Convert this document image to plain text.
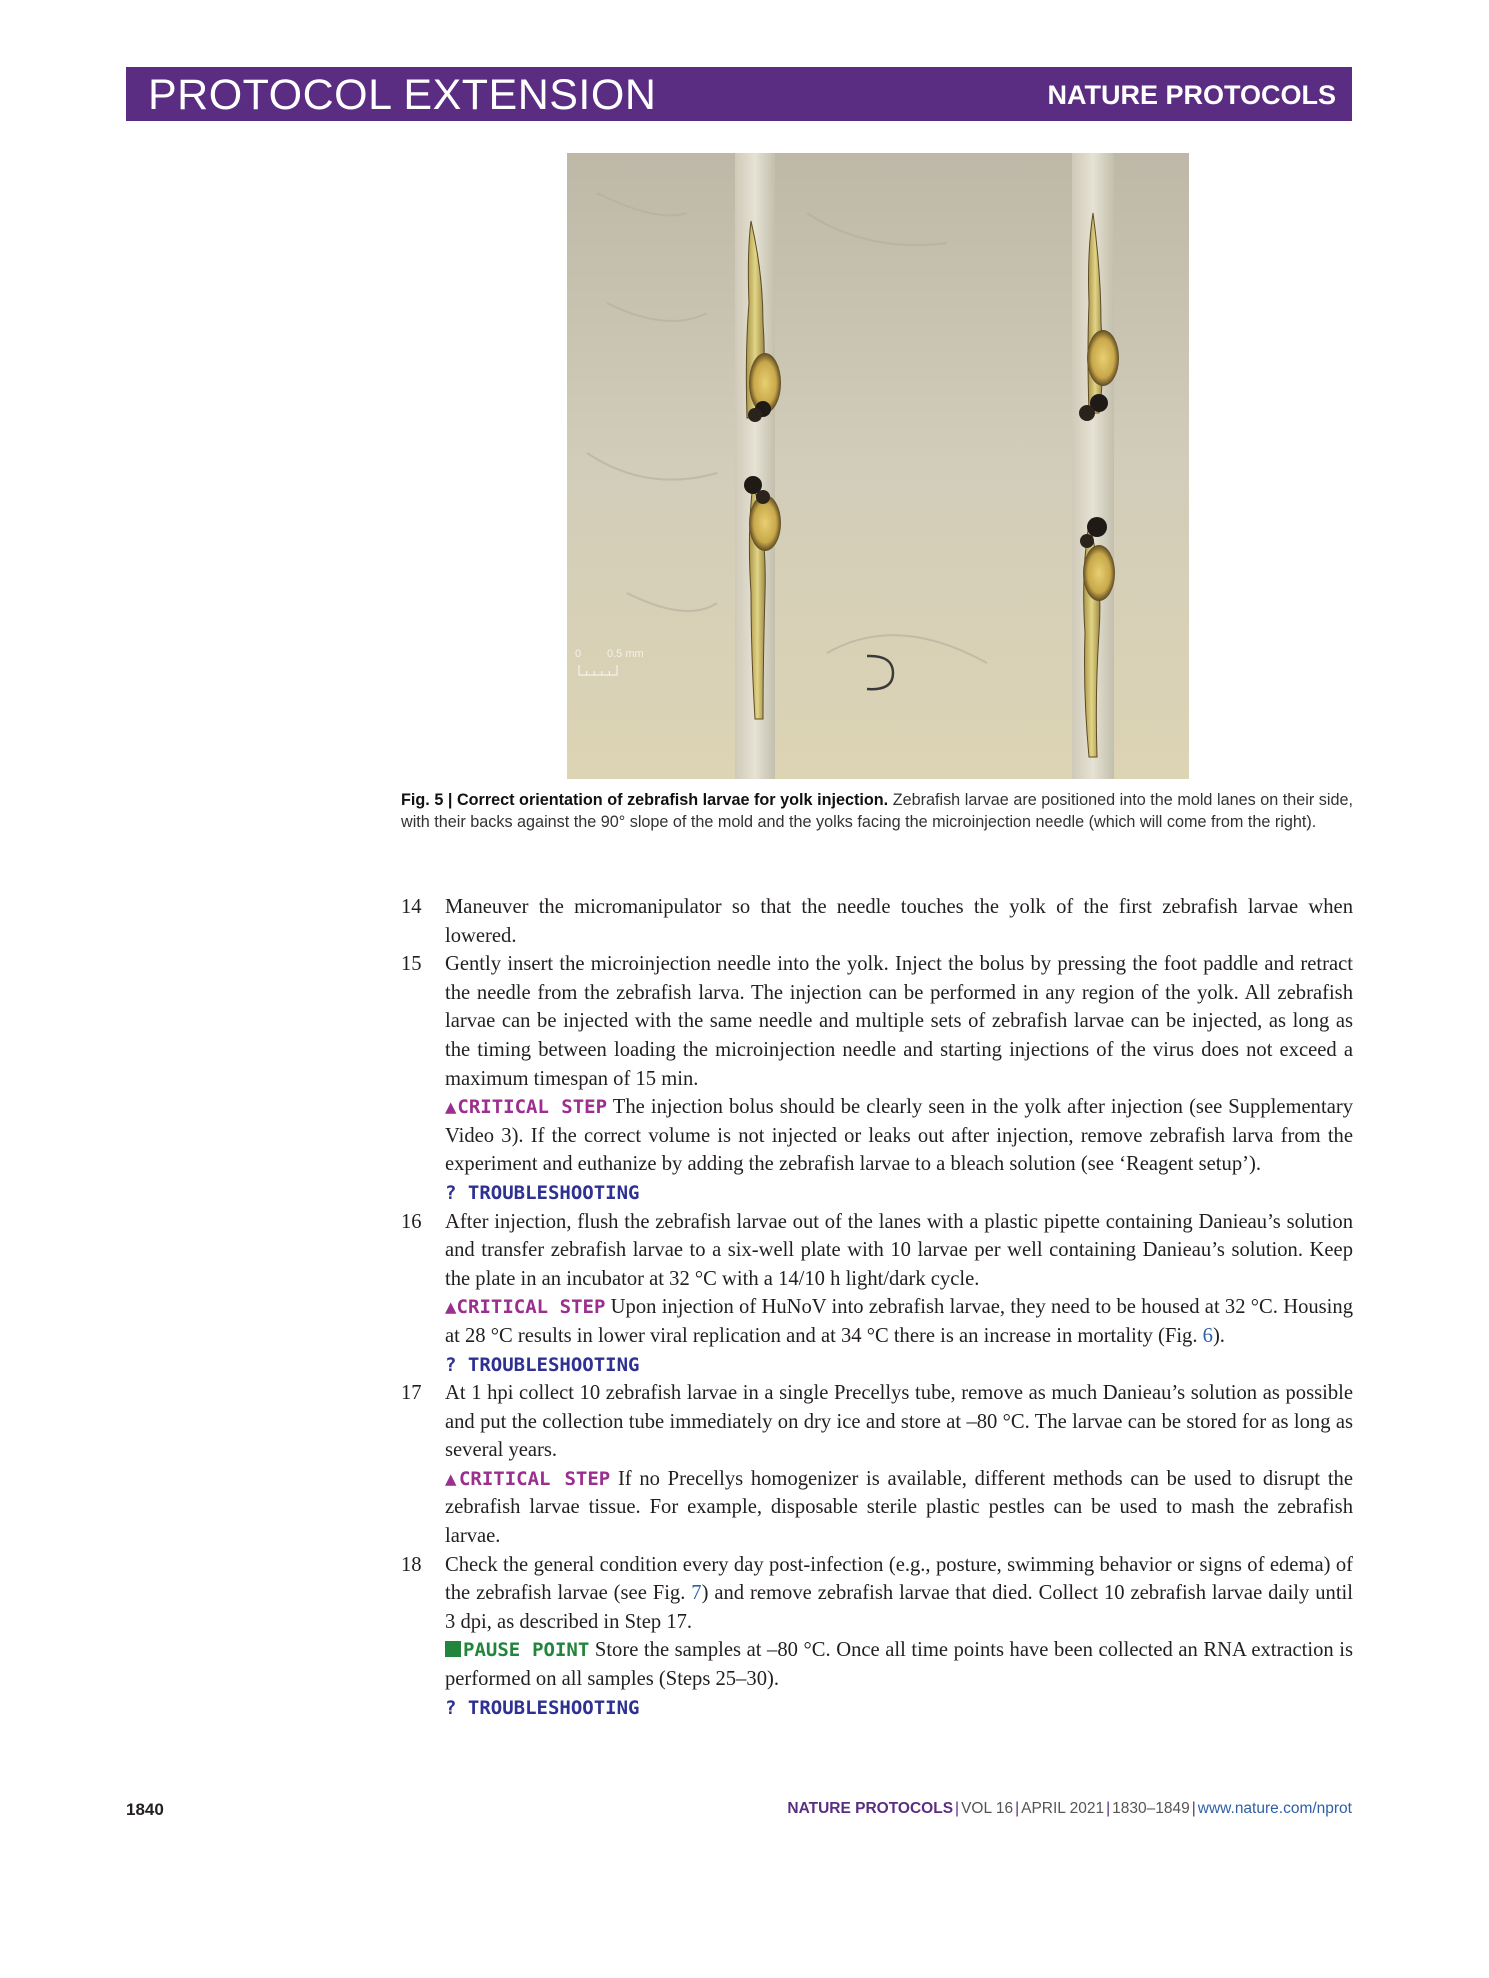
PROTOCOL EXTENSION	NATURE PROTOCOLS
0 0.5 mm
Fig. 5 | Correct orientation of zebrafish larvae for yolk injection. Zebrafish larvae are positioned into the mold lanes on their side, with their backs against the 90° slope of the mold and the yolks facing the microinjection needle (which will come from the right).
14 Maneuver the micromanipulator so that the needle touches the yolk of the first zebrafish larvae when lowered.
15 Gently insert the microinjection needle into the yolk. Inject the bolus by pressing the foot paddle and retract the needle from the zebrafish larva. The injection can be performed in any region of the yolk. All zebrafish larvae can be injected with the same needle and multiple sets of zebrafish larvae can be injected, as long as the timing between loading the microinjection needle and starting injections of the virus does not exceed a maximum timespan of 15 min.
▲CRITICAL STEP The injection bolus should be clearly seen in the yolk after injection (see Supplementary Video 3). If the correct volume is not injected or leaks out after injection, remove zebrafish larva from the experiment and euthanize by adding the zebrafish larvae to a bleach solution (see ‘Reagent setup’).
? TROUBLESHOOTING
16 After injection, flush the zebrafish larvae out of the lanes with a plastic pipette containing Danieau’s solution and transfer zebrafish larvae to a six-well plate with 10 larvae per well containing Danieau’s solution. Keep the plate in an incubator at 32 °C with a 14/10 h light/dark cycle.
▲CRITICAL STEP Upon injection of HuNoV into zebrafish larvae, they need to be housed at 32 °C. Housing at 28 °C results in lower viral replication and at 34 °C there is an increase in mortality (Fig. 6).
? TROUBLESHOOTING
17 At 1 hpi collect 10 zebrafish larvae in a single Precellys tube, remove as much Danieau’s solution as possible and put the collection tube immediately on dry ice and store at –80 °C. The larvae can be stored for as long as several years.
▲CRITICAL STEP If no Precellys homogenizer is available, different methods can be used to disrupt the zebrafish larvae tissue. For example, disposable sterile plastic pestles can be used to mash the zebrafish larvae.
18 Check the general condition every day post-infection (e.g., posture, swimming behavior or signs of edema) of the zebrafish larvae (see Fig. 7) and remove zebrafish larvae that died. Collect 10 zebrafish larvae daily until 3 dpi, as described in Step 17.
PAUSE POINT Store the samples at –80 °C. Once all time points have been collected an RNA extraction is performed on all samples (Steps 25–30).
? TROUBLESHOOTING
1840	NATURE PROTOCOLS | VOL 16 | APRIL 2021 | 1830–1849 | www.nature.com/nprot
